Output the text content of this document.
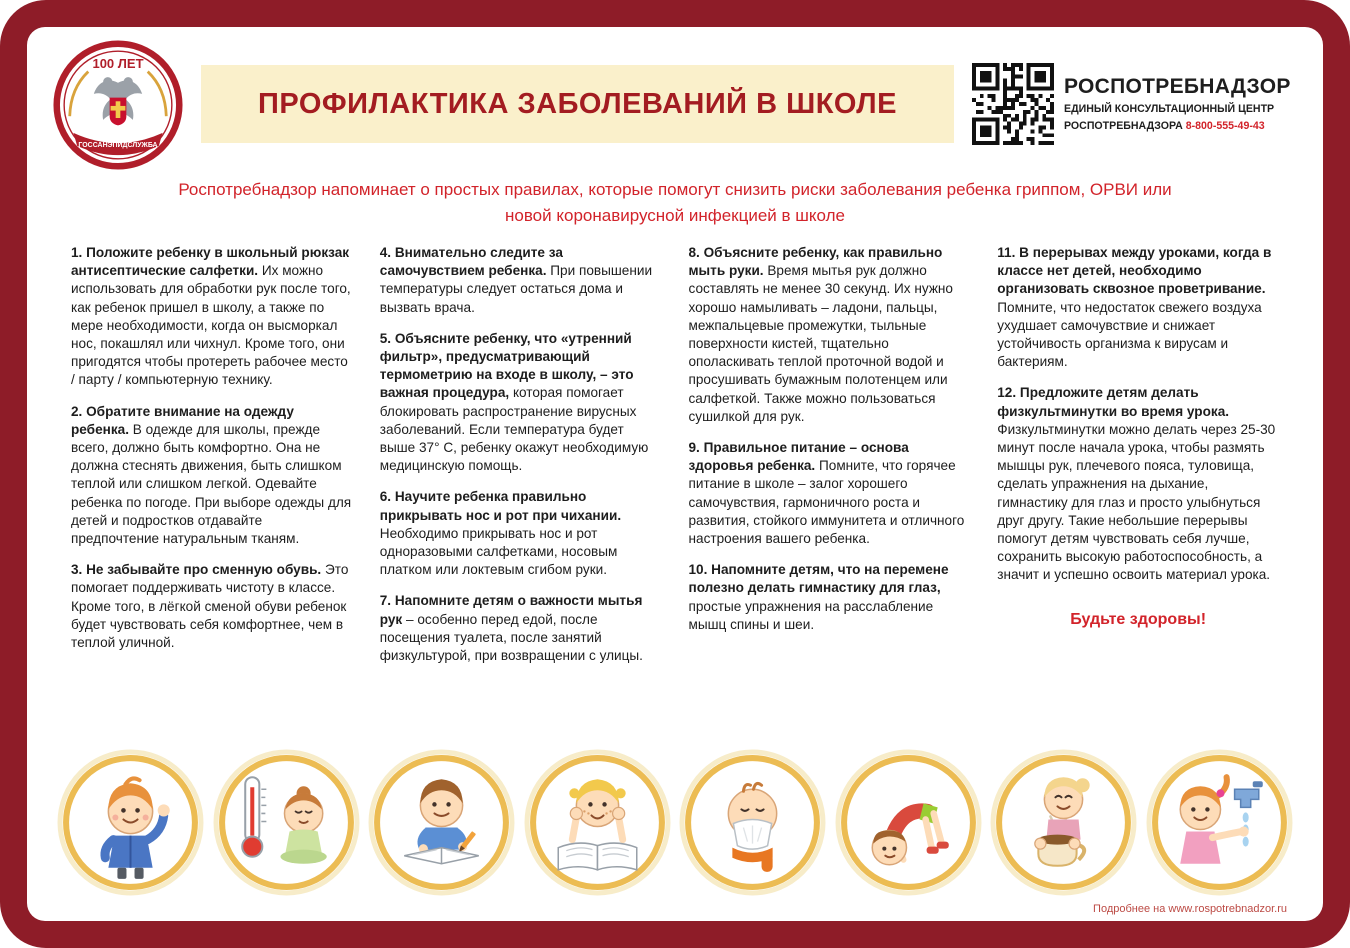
100 ЛЕТ
ГОССАНЭПИДСЛУЖБА
ПРОФИЛАКТИКА ЗАБОЛЕВАНИЙ В ШКОЛЕ
РОСПОТРЕБНАДЗОР
ЕДИНЫЙ КОНСУЛЬТАЦИОННЫЙ ЦЕНТР
РОСПОТРЕБНАДЗОРА 8-800-555-49-43
Роспотребнадзор напоминает о простых правилах, которые помогут снизить риски заболевания ребенка гриппом, ОРВИ или новой коронавирусной инфекцией в школе

1. Положите ребенку в школьный рюкзак антисептические салфетки. Их можно использовать для обработки рук после того, как ребенок пришел в школу, а также по мере необходимости, когда он высморкал нос, покашлял или чихнул. Кроме того, они пригодятся чтобы протереть рабочее место / парту / компьютерную технику.

2. Обратите внимание на одежду ребенка. В одежде для школы, прежде всего, должно быть комфортно. Она не должна стеснять движения, быть слишком теплой или слишком легкой. Одевайте ребенка по погоде. При выборе одежды для детей и подростков отдавайте предпочтение натуральным тканям.

3. Не забывайте про сменную обувь. Это помогает поддерживать чистоту в классе. Кроме того, в лёгкой сменой обуви ребенок будет чувствовать себя комфортнее, чем в теплой уличной.

4. Внимательно следите за самочувствием ребенка. При повышении температуры следует остаться дома и вызвать врача.

5. Объясните ребенку, что «утренний фильтр», предусматривающий термометрию на входе в школу, – это важная процедура, которая помогает блокировать распространение вирусных заболеваний. Если температура будет выше 37° С, ребенку окажут необходимую медицинскую помощь.

6. Научите ребенка правильно прикрывать нос и рот при чихании. Необходимо прикрывать нос и рот одноразовыми салфетками, носовым платком или локтевым сгибом руки.

7. Напомните детям о важности мытья рук – особенно перед едой, после посещения туалета, после занятий физкультурой, при возвращении с улицы.

8. Объясните ребенку, как правильно мыть руки. Время мытья рук должно составлять не менее 30 секунд. Их нужно хорошо намыливать – ладони, пальцы, межпальцевые промежутки, тыльные поверхности кистей, тщательно ополаскивать теплой проточной водой и просушивать бумажным полотенцем или салфеткой. Также можно пользоваться сушилкой для рук.

9. Правильное питание – основа здоровья ребенка. Помните, что горячее питание в школе – залог хорошего самочувствия, гармоничного роста и развития, стойкого иммунитета и отличного настроения вашего ребенка.

10. Напомните детям, что на перемене полезно делать гимнастику для глаз, простые упражнения на расслабление мышц спины и шеи.

11. В перерывах между уроками, когда в классе нет детей, необходимо организовать сквозное проветривание. Помните, что недостаток свежего воздуха ухудшает самочувствие и снижает устойчивость организма к вирусам и бактериям.

12. Предложите детям делать физкультминутки во время урока. Физкультминутки можно делать через 25-30 минут после начала урока, чтобы размять мышцы рук, плечевого пояса, туловища, сделать упражнения на дыхание, гимнастику для глаз и просто улыбнуться друг другу. Такие небольшие перерывы помогут детям чувствовать себя лучше, сохранить высокую работоспособность, а значит и успешно освоить материал урока.

Будьте здоровы!
Подробнее на www.rospotrebnadzor.ru
